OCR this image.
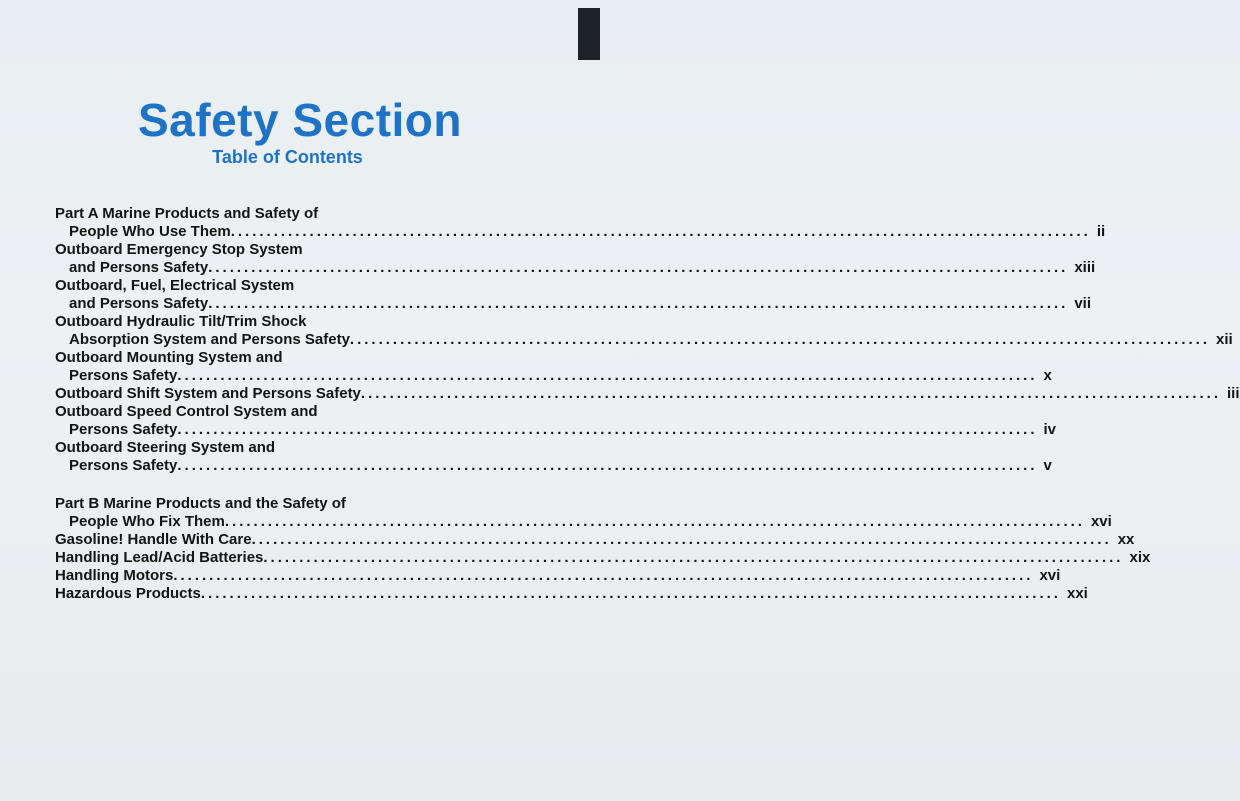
Safety Section
Table of Contents
Part A Marine Products and Safety of
People Who Use Them ........................................................................................................................ ii
Outboard Emergency Stop System
and Persons Safety ........................................................................................................................ xiii
Outboard, Fuel, Electrical System
and Persons Safety ........................................................................................................................ vii
Outboard Hydraulic Tilt/Trim Shock
Absorption System and Persons Safety ........................................................................................................................ xii
Outboard Mounting System and
Persons Safety ........................................................................................................................ x
Outboard Shift System and Persons Safety ........................................................................................................................ iii
Outboard Speed Control System and
Persons Safety ........................................................................................................................ iv
Outboard Steering System and
Persons Safety ........................................................................................................................ v
Part B Marine Products and the Safety of
People Who Fix Them ........................................................................................................................ xvi
Gasoline! Handle With Care ........................................................................................................................ xx
Handling Lead/Acid Batteries ........................................................................................................................ xix
Handling Motors ........................................................................................................................ xvi
Hazardous Products ........................................................................................................................ xxi
